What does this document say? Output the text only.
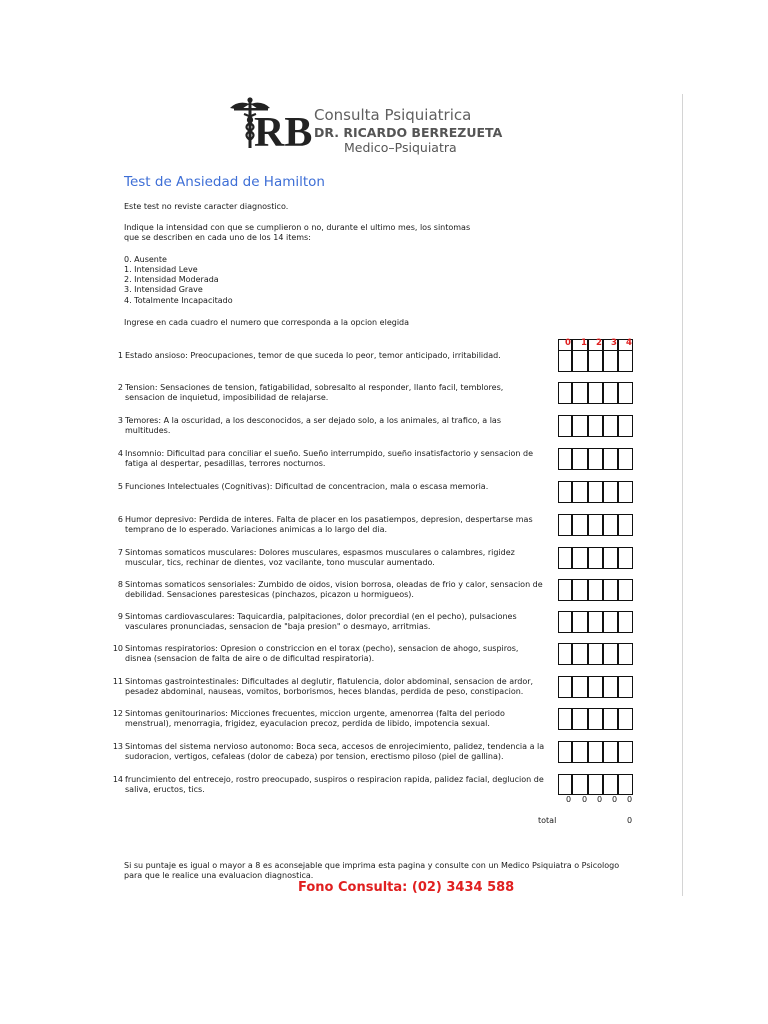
RB Consulta Psiquiatrica
DR. RICARDO BERREZUETA
Medico–Psiquiatra
Test de Ansiedad de Hamilton
Este test no reviste caracter diagnostico.
Indique la intensidad con que se cumplieron o no, durante el ultimo mes, los sintomas
que se describen en cada uno de los 14 items:
0. Ausente
1. Intensidad Leve
2. Intensidad Moderada
3. Intensidad Grave
4. Totalmente Incapacitado
Ingrese en cada cuadro el numero que corresponda a la opcion elegida
0 1 2 3 4
1 Estado ansioso: Preocupaciones, temor de que suceda lo peor, temor anticipado, irritabilidad.
2 Tension: Sensaciones de tension, fatigabilidad, sobresalto al responder, llanto facil, temblores, sensacion de inquietud, imposibilidad de relajarse.
3 Temores: A la oscuridad, a los desconocidos, a ser dejado solo, a los animales, al trafico, a las multitudes.
4 Insomnio: Dificultad para conciliar el sueño. Sueño interrumpido, sueño insatisfactorio y sensacion de fatiga al despertar, pesadillas, terrores nocturnos.
5 Funciones Intelectuales (Cognitivas): Dificultad de concentracion, mala o escasa memoria.
6 Humor depresivo: Perdida de interes. Falta de placer en los pasatiempos, depresion, despertarse mas temprano de lo esperado. Variaciones animicas a lo largo del dia.
7 Sintomas somaticos musculares: Dolores musculares, espasmos musculares o calambres, rigidez muscular, tics, rechinar de dientes, voz vacilante, tono muscular aumentado.
8 Sintomas somaticos sensoriales: Zumbido de oidos, vision borrosa, oleadas de frio y calor, sensacion de debilidad. Sensaciones parestesicas (pinchazos, picazon u hormigueos).
9 Sintomas cardiovasculares: Taquicardia, palpitaciones, dolor precordial (en el pecho), pulsaciones vasculares pronunciadas, sensacion de "baja presion" o desmayo, arritmias.
10 Sintomas respiratorios: Opresion o constriccion en el torax (pecho), sensacion de ahogo, suspiros, disnea (sensacion de falta de aire o de dificultad respiratoria).
11 Sintomas gastrointestinales: Dificultades al deglutir, flatulencia, dolor abdominal, sensacion de ardor, pesadez abdominal, nauseas, vomitos, borborismos, heces blandas, perdida de peso, constipacion.
12 Sintomas genitourinarios: Micciones frecuentes, miccion urgente, amenorrea (falta del periodo menstrual), menorragia, frigidez, eyaculacion precoz, perdida de libido, impotencia sexual.
13 Sintomas del sistema nervioso autonomo: Boca seca, accesos de enrojecimiento, palidez, tendencia a la sudoracion, vertigos, cefaleas (dolor de cabeza) por tension, erectismo piloso (piel de gallina).
14 fruncimiento del entrecejo, rostro preocupado, suspiros o respiracion rapida, palidez facial, deglucion de saliva, eructos, tics.
0 0 0 0 0
total	0
Si su puntaje es igual o mayor a 8 es aconsejable que imprima esta pagina y consulte con un Medico Psiquiatra o Psicologo
para que le realice una evaluacion diagnostica.
Fono Consulta: (02) 3434 588
